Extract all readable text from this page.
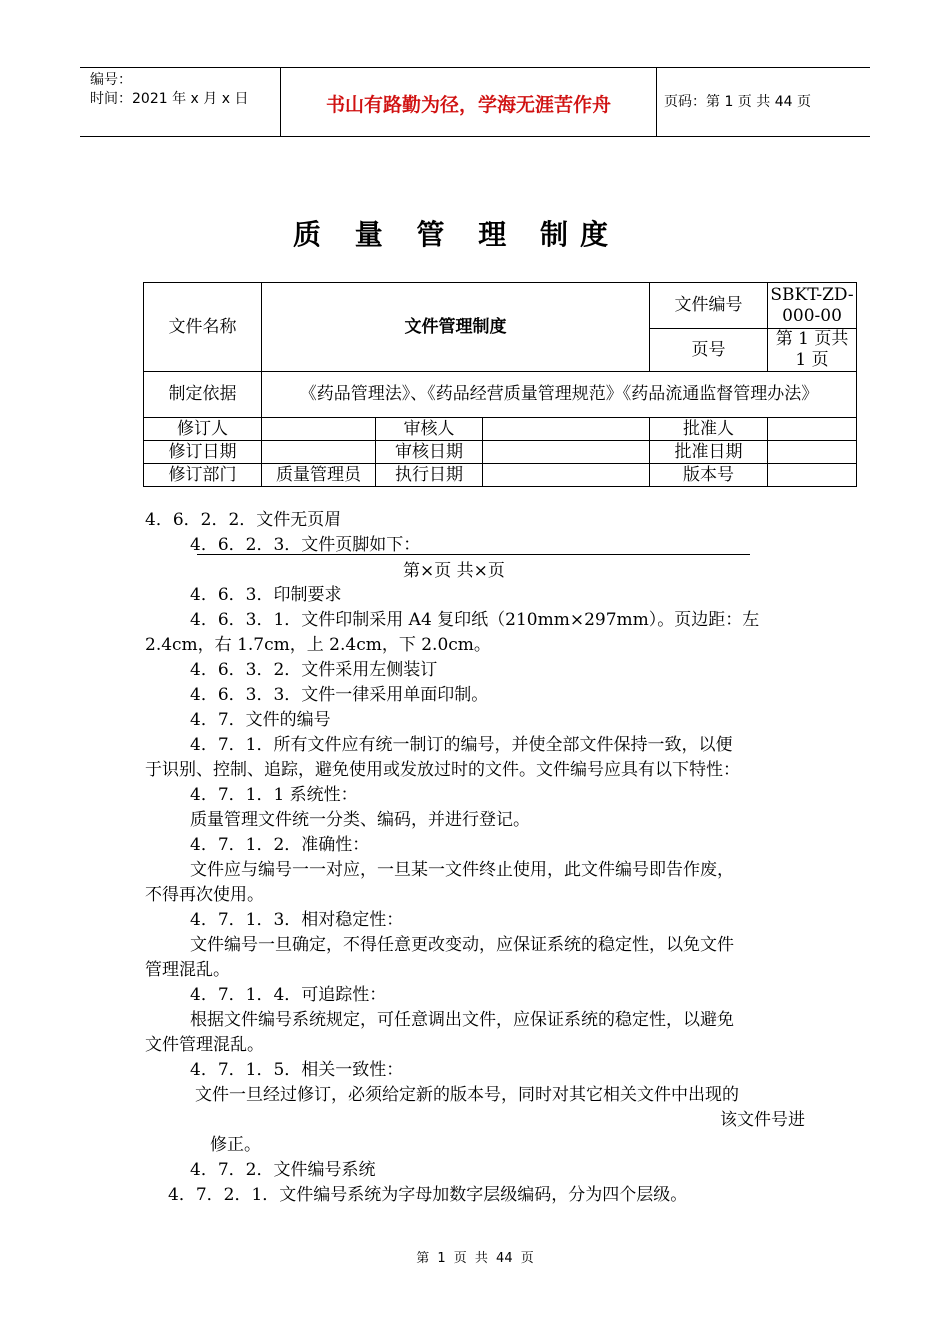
编号：
时间：2021 年 x 月 x 日	书山有路勤为径，学海无涯苦作舟	页码：第 1 页 共 44 页
质 量 管 理 制度
文件名称	文件管理制度			文件编号	SBKT-ZD-000-00
				页号	第 1 页共 1 页
制定依据	《药品管理法》、《药品经营质量管理规范》《药品流通监督管理办法》				
修订人		审核人		批准人	
修订日期		审核日期		批准日期	
修订部门	质量管理员	执行日期		版本号	
4．6．2．2．文件无页眉
4．6．2．3．文件页脚如下：
第×页 共×页
4．6．3．印制要求
4．6．3．1．文件印制采用 A4 复印纸（210mm×297mm）。页边距：左
2.4cm，右 1.7cm，上 2.4cm，下 2.0cm。
4．6．3．2．文件采用左侧装订
4．6．3．3．文件一律采用单面印制。
4．7．文件的编号
4．7．1．所有文件应有统一制订的编号，并使全部文件保持一致，以便
于识别、控制、追踪，避免使用或发放过时的文件。文件编号应具有以下特性：
4．7．1．1 系统性：
质量管理文件统一分类、编码，并进行登记。
4．7．1．2．准确性：
文件应与编号一一对应，一旦某一文件终止使用，此文件编号即告作废，
不得再次使用。
4．7．1．3．相对稳定性：
文件编号一旦确定，不得任意更改变动，应保证系统的稳定性，以免文件
管理混乱。
4．7．1．4．可追踪性：
根据文件编号系统规定，可任意调出文件，应保证系统的稳定性，以避免
文件管理混乱。
4．7．1．5．相关一致性：
文件一旦经过修订，必须给定新的版本号，同时对其它相关文件中出现的
该文件号进
修正。
4．7．2．文件编号系统
4．7．2．1．文件编号系统为字母加数字层级编码，分为四个层级。
第 1 页 共 44 页
